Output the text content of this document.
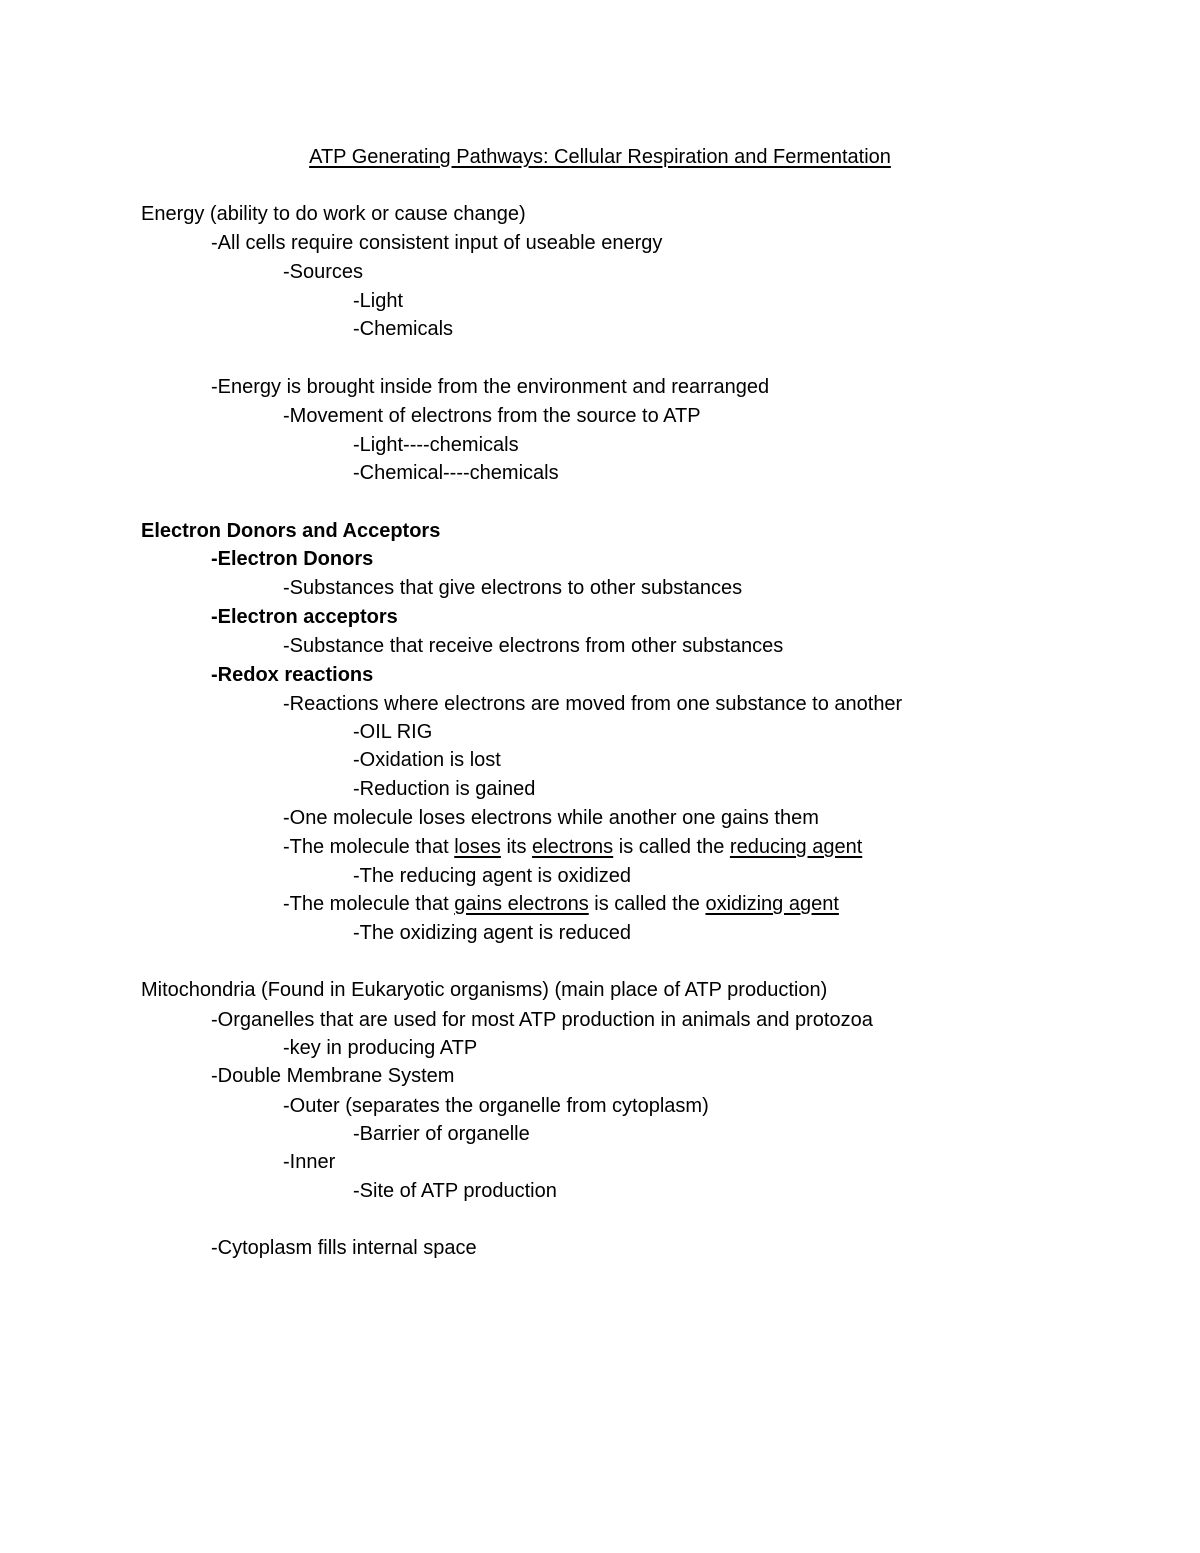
ATP Generating Pathways: Cellular Respiration and Fermentation
Energy (ability to do work or cause change)
-All cells require consistent input of useable energy
-Sources
-Light
-Chemicals
-Energy is brought inside from the environment and rearranged
-Movement of electrons from the source to ATP
-Light----chemicals
-Chemical----chemicals
Electron Donors and Acceptors
-Electron Donors
-Substances that give electrons to other substances
-Electron acceptors
-Substance that receive electrons from other substances
-Redox reactions
-Reactions where electrons are moved from one substance to another
-OIL RIG
-Oxidation is lost
-Reduction is gained
-One molecule loses electrons while another one gains them
-The molecule that loses its electrons is called the reducing agent
-The reducing agent is oxidized
-The molecule that gains electrons is called the oxidizing agent
-The oxidizing agent is reduced
Mitochondria (Found in Eukaryotic organisms) (main place of ATP production)
-Organelles that are used for most ATP production in animals and protozoa
-key in producing ATP
-Double Membrane System
-Outer (separates the organelle from cytoplasm)
-Barrier of organelle
-Inner
-Site of ATP production
-Cytoplasm fills internal space
